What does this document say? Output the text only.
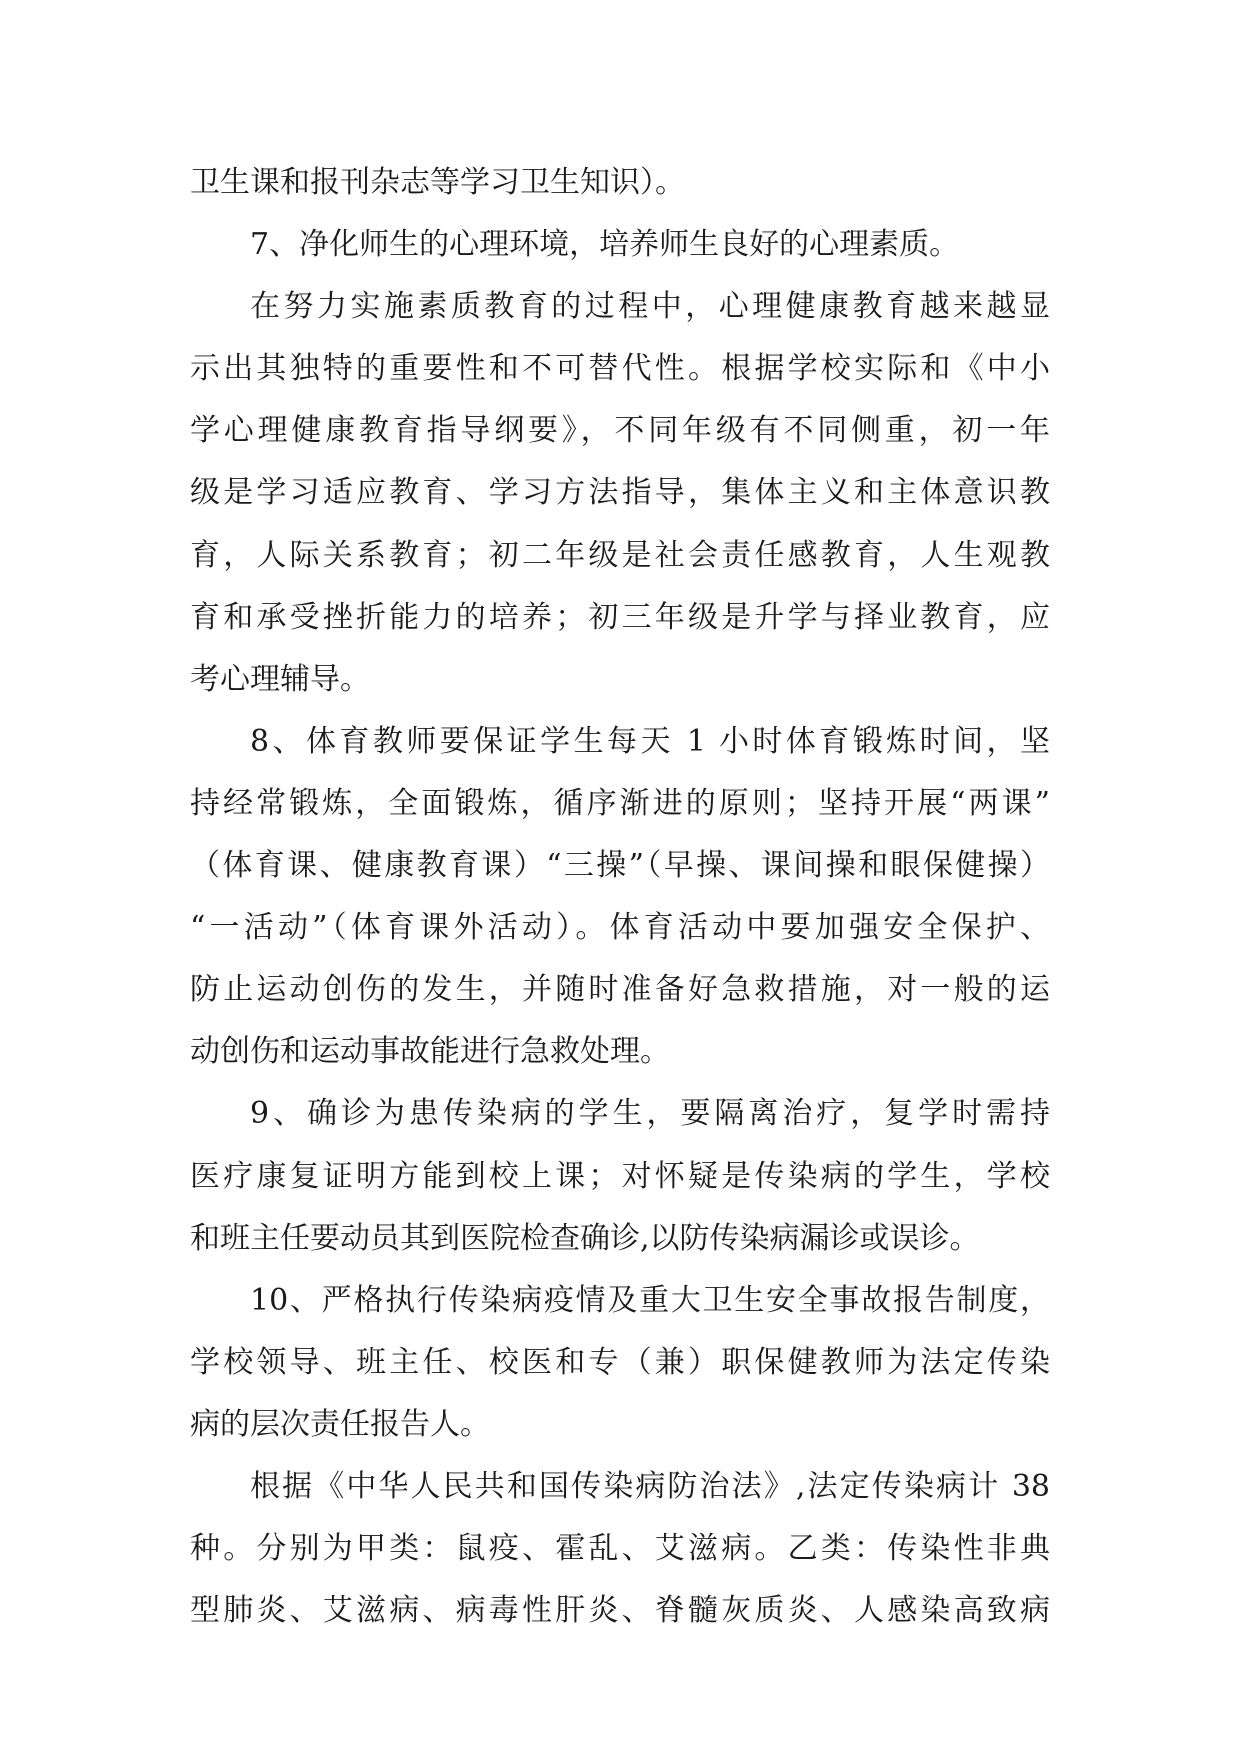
卫生课和报刊杂志等学习卫生知识）。
7、净化师生的心理环境，培养师生良好的心理素质。
在努力实施素质教育的过程中，心理健康教育越来越显
示出其独特的重要性和不可替代性。根据学校实际和《中小
学心理健康教育指导纲要》，不同年级有不同侧重，初一年
级是学习适应教育、学习方法指导，集体主义和主体意识教
育，人际关系教育；初二年级是社会责任感教育，人生观教
育和承受挫折能力的培养；初三年级是升学与择业教育，应
考心理辅导。
8、体育教师要保证学生每天 1 小时体育锻炼时间，坚
持经常锻炼，全面锻炼，循序渐进的原则；坚持开展“两课”
（体育课、健康教育课）“三操”（早操、课间操和眼保健操）
“一活动”（体育课外活动）。体育活动中要加强安全保护、
防止运动创伤的发生，并随时准备好急救措施，对一般的运
动创伤和运动事故能进行急救处理。
9、确诊为患传染病的学生，要隔离治疗，复学时需持
医疗康复证明方能到校上课；对怀疑是传染病的学生，学校
和班主任要动员其到医院检查确诊,以防传染病漏诊或误诊。
10、严格执行传染病疫情及重大卫生安全事故报告制度，
学校领导、班主任、校医和专（兼）职保健教师为法定传染
病的层次责任报告人。
根据《中华人民共和国传染病防治法》,法定传染病计 38
种。分别为甲类：鼠疫、霍乱、艾滋病。乙类：传染性非典
型肺炎、艾滋病、病毒性肝炎、脊髓灰质炎、人感染高致病
